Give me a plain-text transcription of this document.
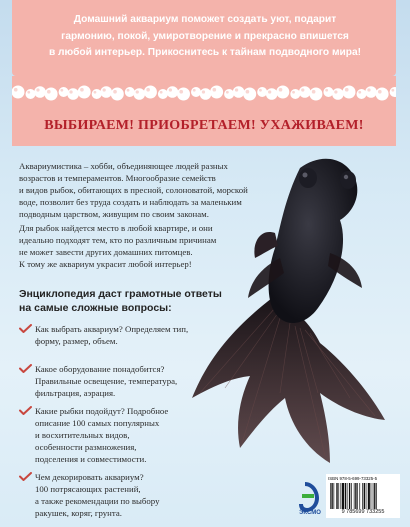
Домашний аквариум поможет создать уют, подарит
гармонию, покой, умиротворение и прекрасно впишется
в любой интерьер. Прикоснитесь к тайнам подводного мира!
ВЫБИРАЕМ! ПРИОБРЕТАЕМ! УХАЖИВАЕМ!
Аквариумистика – хобби, объединяющее людей разных
возрастов и темпераментов. Многообразие семейств
и видов рыбок, обитающих в пресной, солоноватой, морской
воде, позволит без труда создать и наблюдать за маленьким
подводным царством, живущим по своим законам.
Для рыбок найдется место в любой квартире, и они
идеально подходят тем, кто по различным причинам
не может завести других домашних питомцев.
К тому же аквариум украсит любой интерьер!
Энциклопедия даст грамотные ответы
на самые сложные вопросы:
Как выбрать аквариум? Определяем тип,
форму, размер, объем.
Какое оборудование понадобится?
Правильные освещение, температура,
фильтрация, аэрация.
Какие рыбки подойдут? Подробное
описание 100 самых популярных
и восхитительных видов,
особенности размножения,
подселения и совместимости.
Чем декорировать аквариум?
100 потрясающих растений,
а также рекомендации по выбору
ракушек, коряг, грунта.	ЭКСМО
ISBN 978-5-699-73325-5
9 785699 733255
